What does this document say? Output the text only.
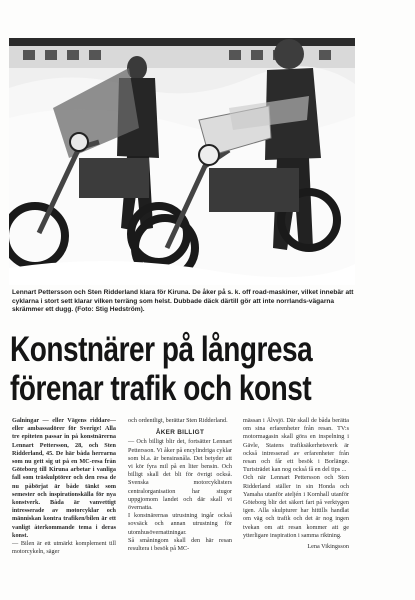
Lennart Pettersson och Sten Ridderland klara för Kiruna. De åker på s. k. off road-maskiner, vilket innebär att cyklarna i stort sett klarar vilken terräng som helst. Dubbade däck därtill gör att inte norrlands-vägarna skrämmer ett dugg. (Foto: Stig Hedström).

Konstnärer på långresa
förenar trafik och konst

Galningar — eller Vägens riddare— eller ambassadörer för Sverige! Alla tre epiteten passar in på konstnärerna Lennart Pettersson, 28, och Sten Ridderland, 45. De här båda herrarna som nu gett sig ut på en MC-resa från Göteborg till Kiruna arbetar i vanliga fall som träskulptörer och den resa de nu påbörjat är både tänkt som semester och inspirationskälla för nya konstverk. Båda är vanvettigt intresserade av motorcyklar och människan kontra trafiken/bilen är ett vanligt återkommande tema i deras konst.

— Bilen är ett utmärkt komplement till motorcykeln, säger

och ordentligt, berättar Sten Ridderland.

ÅKER BILLIGT

— Och billigt blir det, fortsätter Lennart Pettersson. Vi åker på encylindriga cyklar som bl.a. är bensinsnåla. Det betyder att vi kör fyra mil på en liter bensin. Och billigt skall det bli för övrigt också. Svenska motorcyklisters centralorganisation har stugor uppgjomom landet och där skall vi övernatta.

I konstnärernas utrustning ingår också sovsäck och annan utrustning för utomhusövernattningar.

Så småningom skall den här resan resultera i besök på MC-

mässan i Älvsjö. Där skall de båda berätta om sina erfarenheter från resan. TV:s motormagasin skall göra en inspelning i Gävle, Statens trafiksäkerhetsverk är också intresserad av erfarenheter från resan och får ett besök i Borlänge. Turisträdet kan nog också få en del tips ...

Och när Lennart Pettersson och Sten Ridderland ställer in sin Honda och Yamaha utanför ateljén i Kornhall utanför Göteborg blir det säkert fart på verktygen igen. Alla skulpturer har hittills handlat om väg och trafik och det är nog ingen tvekan om att resan kommer att ge ytterligare inspiration i samma riktning.

Lena Vikingsson
